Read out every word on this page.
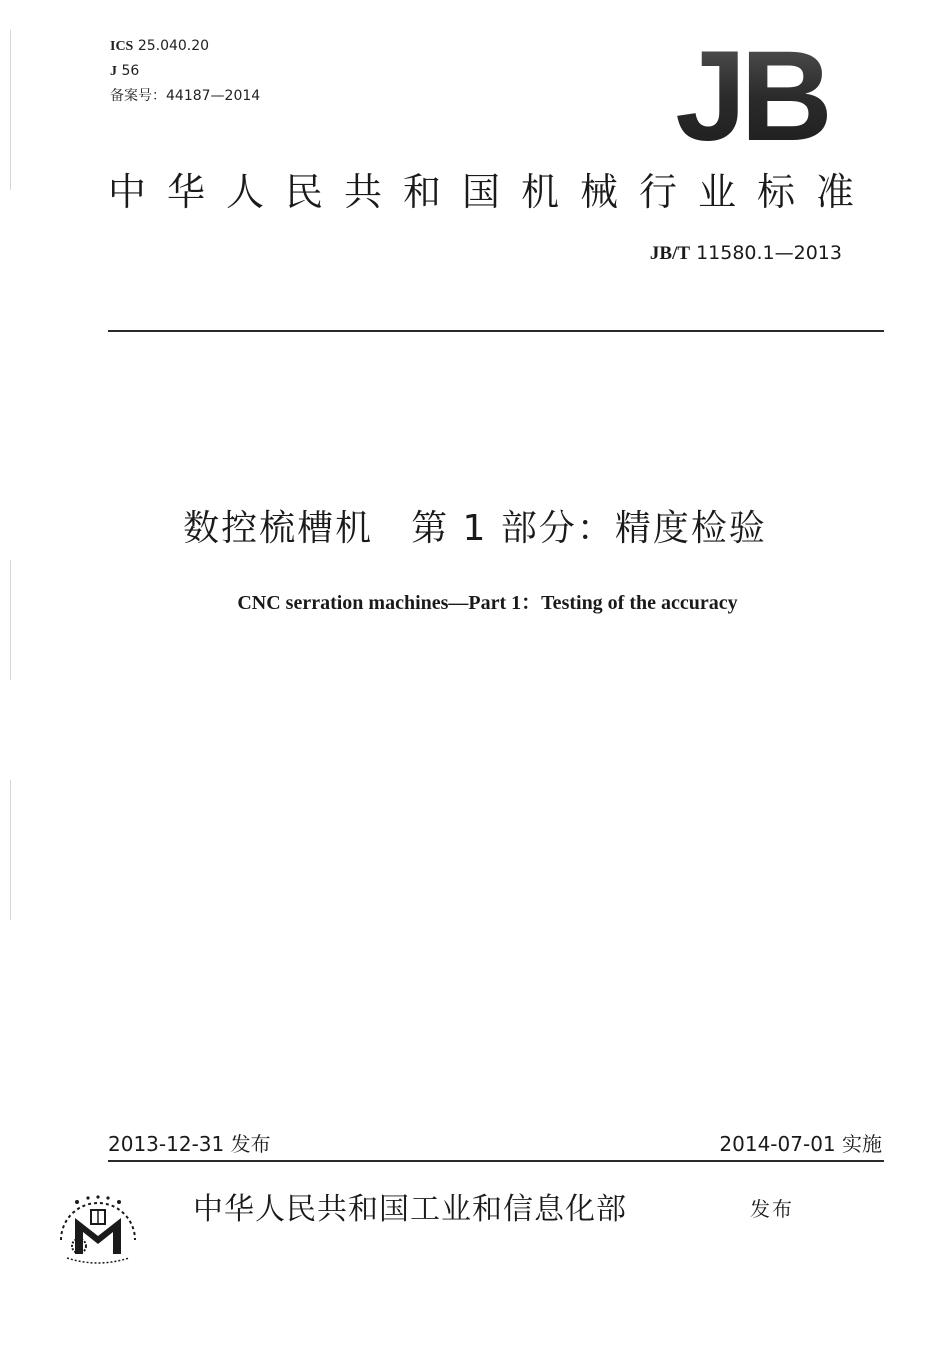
ICS 25.040.20
J 56
备案号：44187—2014	JB
中华人民共和国机械行业标准
JB/T 11580.1—2013
数控梳槽机　第 1 部分：精度检验
CNC serration machines—Part 1：Testing of the accuracy
2013-12-31 发布	2014-07-01 实施
中华人民共和国工业和信息化部	发布
